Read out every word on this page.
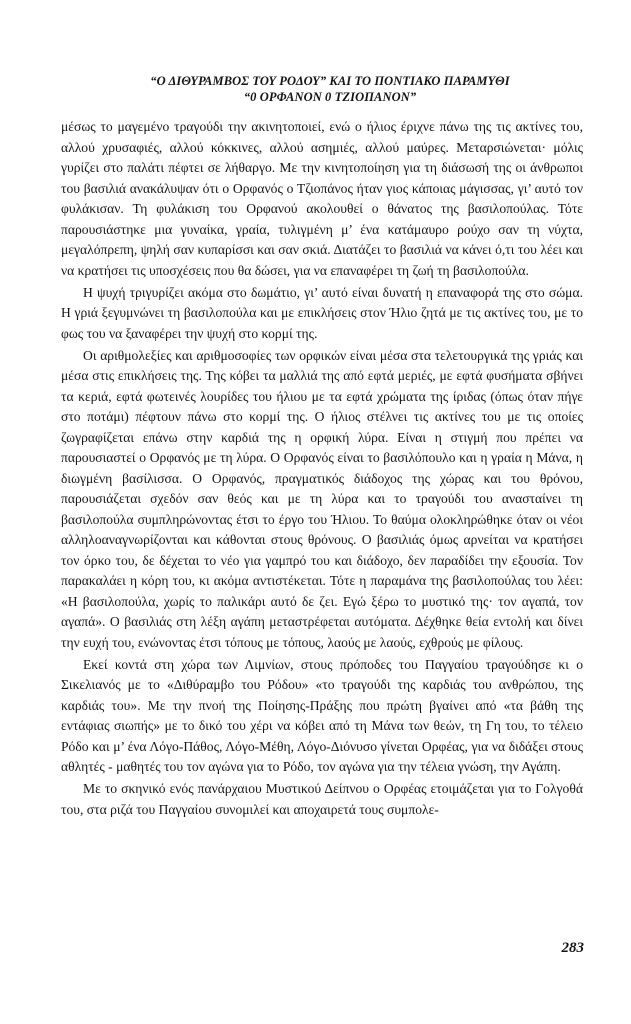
“Ο ΔΙΘΥΡΑΜΒΟΣ ΤΟΥ ΡΟΔΟΥ” ΚΑΙ ΤΟ ΠΟΝΤΙΑΚΟ ΠΑΡΑΜΥΘΙ
“0 ΟΡΦΑΝΟΝ 0 ΤΖΙΟΠΑΝΟΝ”

μέσως το μαγεμένο τραγούδι την ακινητοποιεί, ενώ ο ήλιος έριχνε πάνω της τις ακτίνες του, αλλού χρυσαφιές, αλλού κόκκινες, αλλού ασημιές, αλλού μαύρες. Μεταρσιώνεται· μόλις γυρίζει στο παλάτι πέφτει σε λήθαργο. Με την κινητοποίηση για τη διάσωσή της οι άνθρωποι του βασιλιά ανακάλυψαν ότι ο Ορφανός ο Τζιοπάνος ήταν γιος κάποιας μάγισσας, γι’ αυτό τον φυλάκισαν. Τη φυλάκιση του Ορφανού ακολουθεί ο θάνατος της βασιλοπούλας. Τότε παρουσιάστηκε μια γυναίκα, γραία, τυλιγμένη μ’ ένα κατάμαυρο ρούχο σαν τη νύχτα, μεγαλόπρεπη, ψηλή σαν κυπαρίσσι και σαν σκιά. Διατάζει το βασιλιά να κάνει ό,τι του λέει και να κρατήσει τις υποσχέσεις που θα δώσει, για να επαναφέρει τη ζωή τη βασιλοπούλα.

Η ψυχή τριγυρίζει ακόμα στο δωμάτιο, γι’ αυτό είναι δυνατή η επαναφορά της στο σώμα. Η γριά ξεγυμνώνει τη βασιλοπούλα και με επικλήσεις στον Ήλιο ζητά με τις ακτίνες του, με το φως του να ξαναφέρει την ψυχή στο κορμί της.

Οι αριθμολεξίες και αριθμοσοφίες των ορφικών είναι μέσα στα τελετουργικά της γριάς και μέσα στις επικλήσεις της. Της κόβει τα μαλλιά της από εφτά μεριές, με εφτά φυσήματα σβήνει τα κεριά, εφτά φωτεινές λουρίδες του ήλιου με τα εφτά χρώματα της ίριδας (όπως όταν πήγε στο ποτάμι) πέφτουν πάνω στο κορμί της. Ο ήλιος στέλνει τις ακτίνες του με τις οποίες ζωγραφίζεται επάνω στην καρδιά της η ορφική λύρα. Είναι η στιγμή που πρέπει να παρουσιαστεί ο Ορφανός με τη λύρα. Ο Ορφανός είναι το βασιλόπουλο και η γραία η Μάνα, η διωγμένη βασίλισσα. Ο Ορφανός, πραγματικός διάδοχος της χώρας και του θρόνου, παρουσιάζεται σχεδόν σαν θεός και με τη λύρα και το τραγούδι του ανασταίνει τη βασιλοπούλα συμπληρώνοντας έτσι το έργο του Ήλιου. Το θαύμα ολοκληρώθηκε όταν οι νέοι αλληλοαναγνωρίζονται και κάθονται στους θρόνους. Ο βασιλιάς όμως αρνείται να κρατήσει τον όρκο του, δε δέχεται το νέο για γαμπρό του και διάδοχο, δεν παραδίδει την εξουσία. Τον παρακαλάει η κόρη του, κι ακόμα αντιστέκεται. Τότε η παραμάνα της βασιλοπούλας του λέει: «Η βασιλοπούλα, χωρίς το παλικάρι αυτό δε ζει. Εγώ ξέρω το μυστικό της· τον αγαπά, τον αγαπά». Ο βασιλιάς στη λέξη αγάπη μεταστρέφεται αυτόματα. Δέχθηκε θεία εντολή και δίνει την ευχή του, ενώνοντας έτσι τόπους με τόπους, λαούς με λαούς, εχθρούς με φίλους.

Εκεί κοντά στη χώρα των Λιμνίων, στους πρόποδες του Παγγαίου τραγούδησε κι ο Σικελιανός με το «Διθύραμβο του Ρόδου» «το τραγούδι της καρδιάς του ανθρώπου, της καρδιάς του». Με την πνοή της Ποίησης-Πράξης που πρώτη βγαίνει από «τα βάθη της εντάφιας σιωπής» με το δικό του χέρι να κόβει από τη Μάνα των θεών, τη Γη του, το τέλειο Ρόδο και μ’ ένα Λόγο-Πάθος, Λόγο-Μέθη, Λόγο-Διόνυσο γίνεται Ορφέας, για να διδάξει στους αθλητές - μαθητές του τον αγώνα για το Ρόδο, τον αγώνα για την τέλεια γνώση, την Αγάπη.

Με το σκηνικό ενός πανάρχαιου Μυστικού Δείπνου ο Ορφέας ετοιμάζεται για το Γολγοθά του, στα ριζά του Παγγαίου συνομιλεί και αποχαιρετά τους συμπολε-

283
